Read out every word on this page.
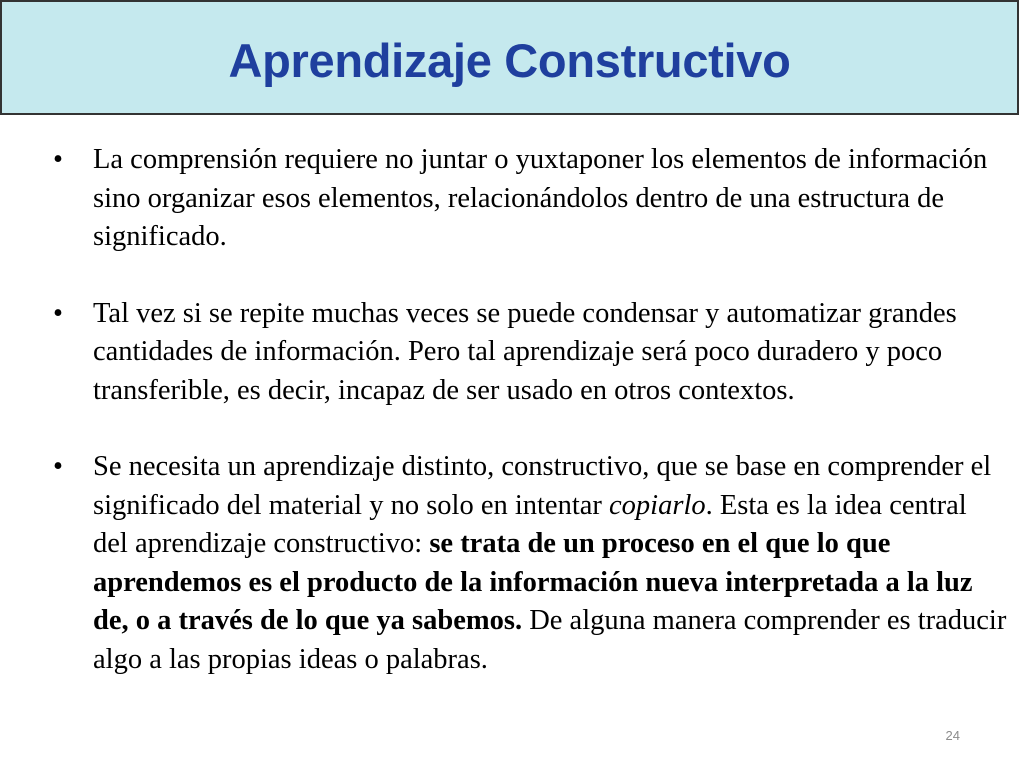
Aprendizaje Constructivo

• La comprensión requiere no juntar o yuxtaponer los elementos de información sino organizar esos elementos, relacionándolos dentro de una estructura de significado.

• Tal vez si se repite muchas veces se puede condensar y automatizar grandes cantidades de información. Pero tal aprendizaje será poco duradero y poco transferible, es decir, incapaz de ser usado en otros contextos.

• Se necesita un aprendizaje distinto, constructivo, que se base en comprender el significado del material y no solo en intentar copiarlo. Esta es la idea central del aprendizaje constructivo: se trata de un proceso en el que lo que aprendemos es el producto de la información nueva interpretada a la luz de, o a través de lo que ya sabemos. De alguna manera comprender es traducir algo a las propias ideas o palabras.

24
